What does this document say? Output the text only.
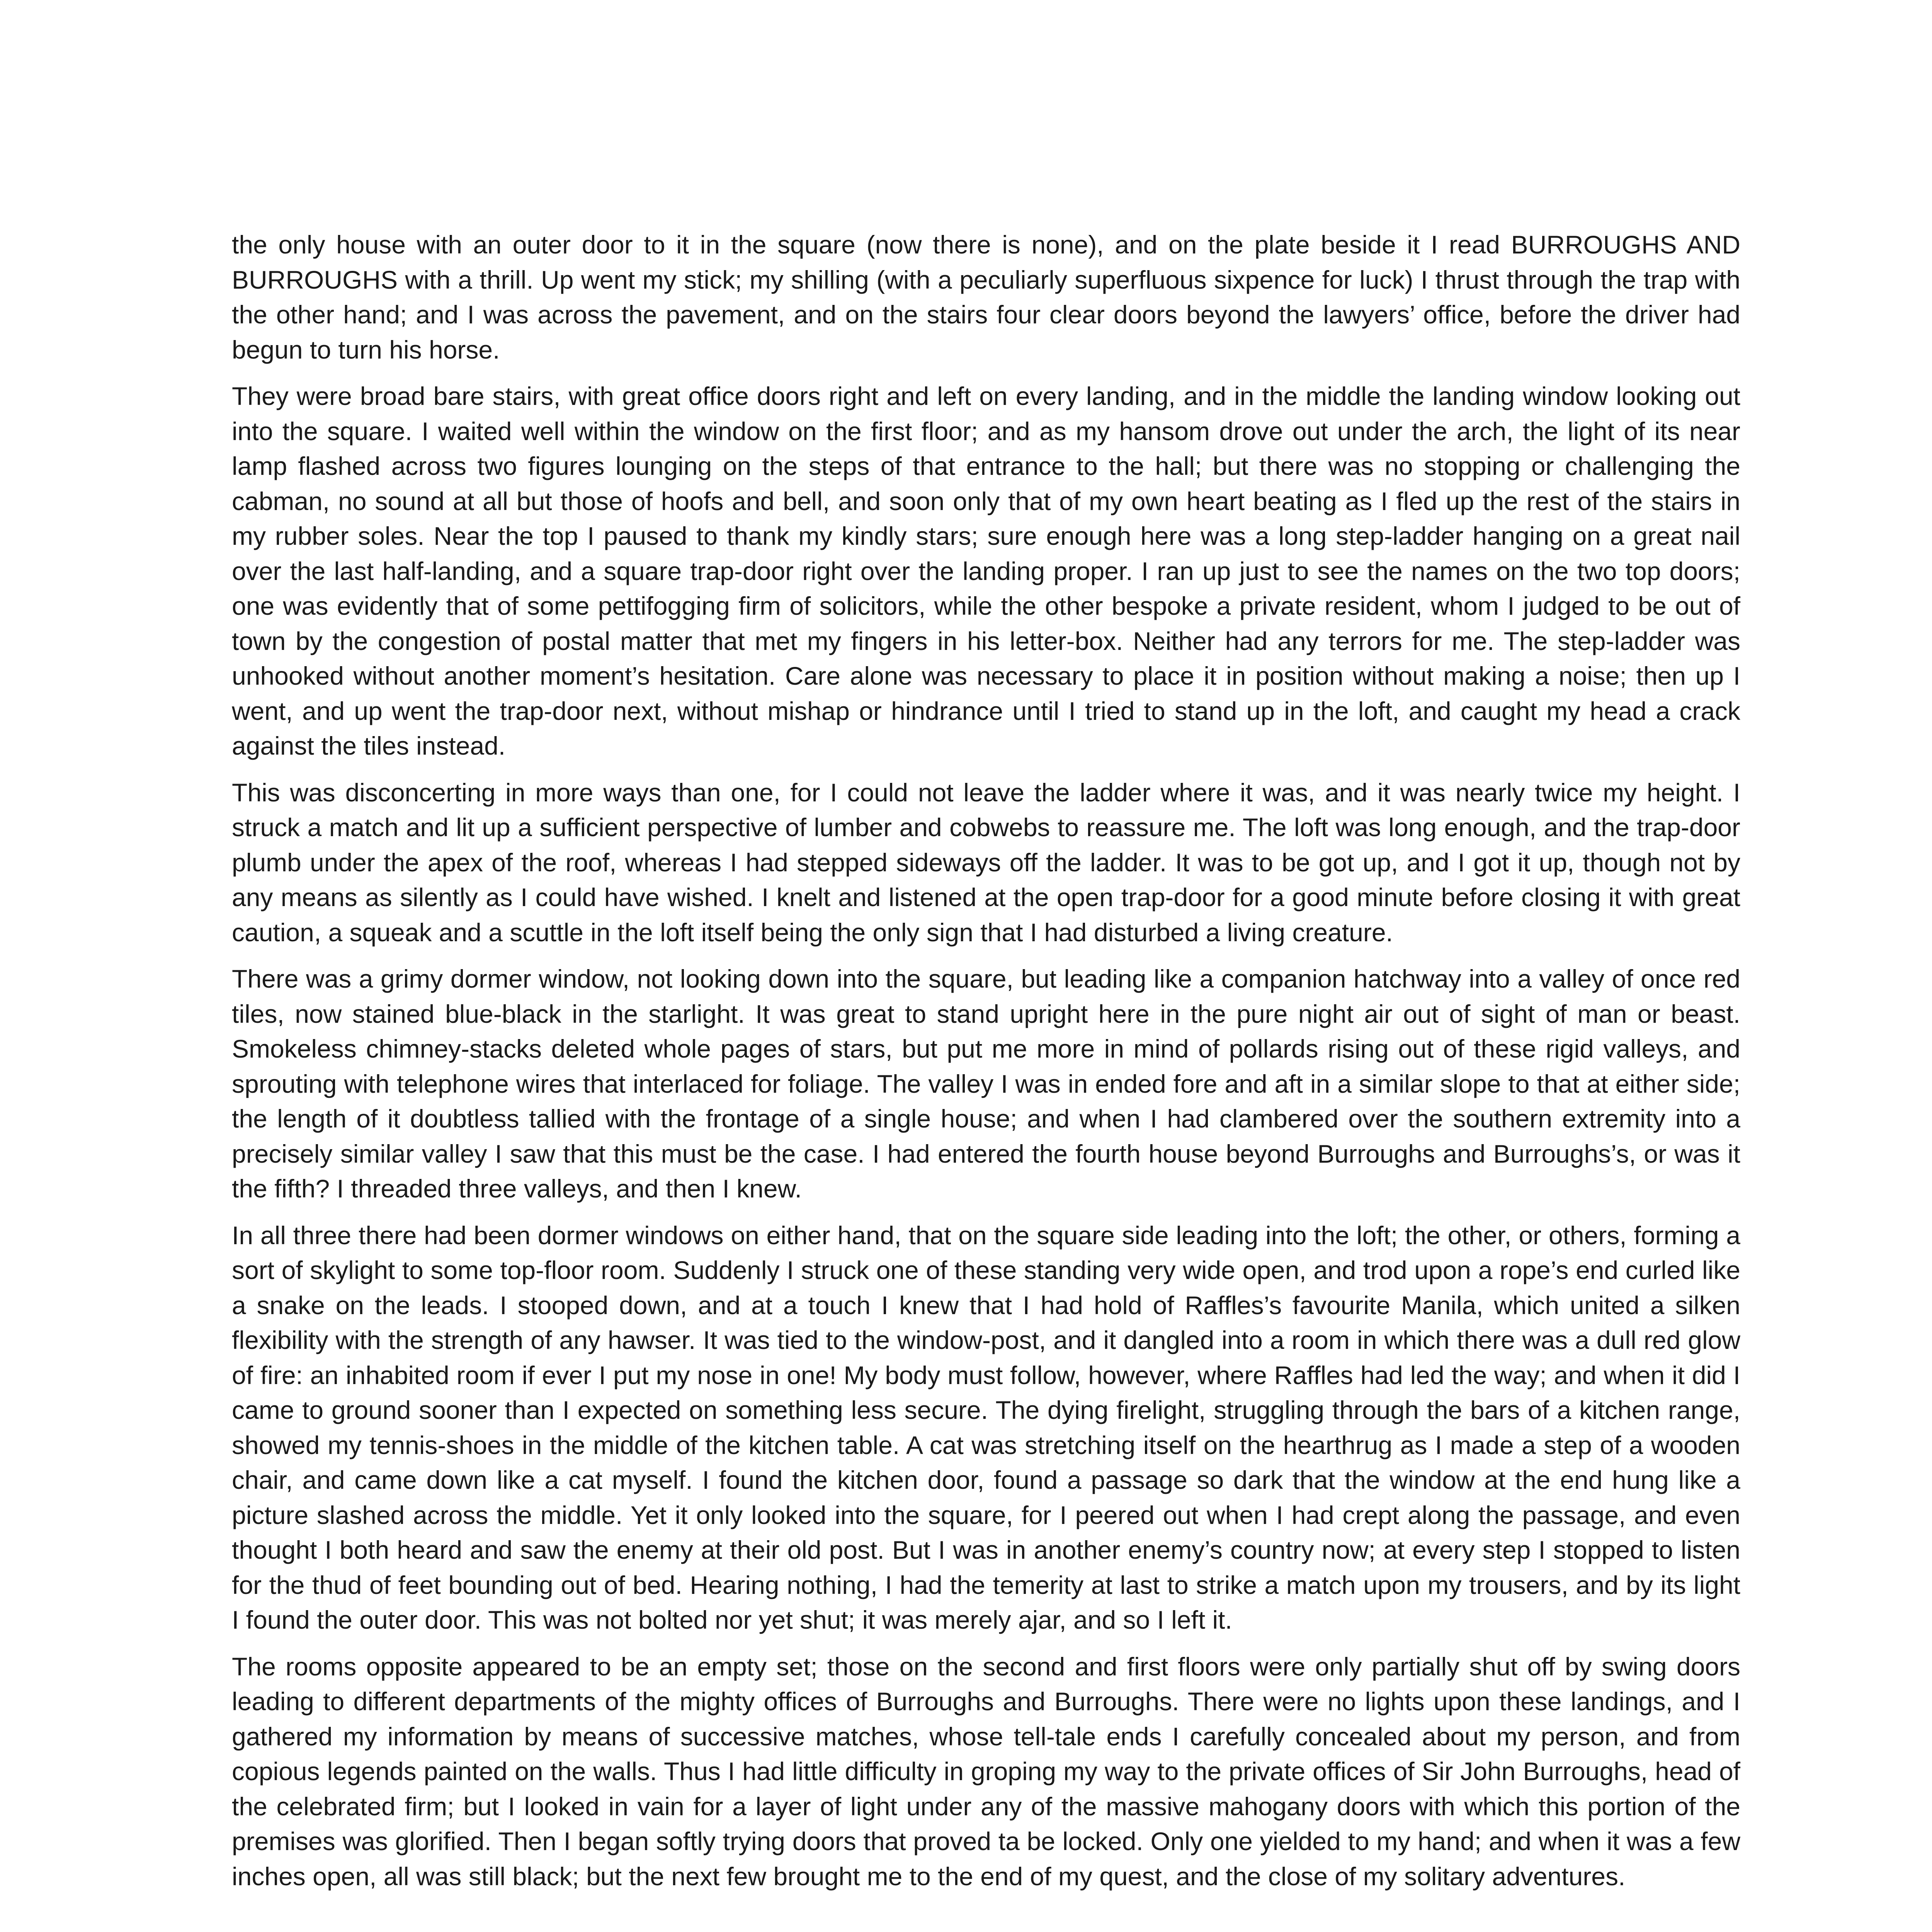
the only house with an outer door to it in the square (now there is none), and on the plate beside it I read BURROUGHS AND BURROUGHS with a thrill. Up went my stick; my shilling (with a peculiarly superfluous sixpence for luck) I thrust through the trap with the other hand; and I was across the pavement, and on the stairs four clear doors beyond the lawyers’ office, before the driver had begun to turn his horse.

They were broad bare stairs, with great office doors right and left on every landing, and in the middle the landing window looking out into the square. I waited well within the window on the first floor; and as my hansom drove out under the arch, the light of its near lamp flashed across two figures lounging on the steps of that entrance to the hall; but there was no stopping or challenging the cabman, no sound at all but those of hoofs and bell, and soon only that of my own heart beating as I fled up the rest of the stairs in my rubber soles. Near the top I paused to thank my kindly stars; sure enough here was a long step-ladder hanging on a great nail over the last half-landing, and a square trap-door right over the landing proper. I ran up just to see the names on the two top doors; one was evidently that of some pettifogging firm of solicitors, while the other bespoke a private resident, whom I judged to be out of town by the congestion of postal matter that met my fingers in his letter-box. Neither had any terrors for me. The step-ladder was unhooked without another moment’s hesitation. Care alone was necessary to place it in position without making a noise; then up I went, and up went the trap-door next, without mishap or hindrance until I tried to stand up in the loft, and caught my head a crack against the tiles instead.

This was disconcerting in more ways than one, for I could not leave the ladder where it was, and it was nearly twice my height. I struck a match and lit up a sufficient perspective of lumber and cobwebs to reassure me. The loft was long enough, and the trap-door plumb under the apex of the roof, whereas I had stepped sideways off the ladder. It was to be got up, and I got it up, though not by any means as silently as I could have wished. I knelt and listened at the open trap-door for a good minute before closing it with great caution, a squeak and a scuttle in the loft itself being the only sign that I had disturbed a living creature.

There was a grimy dormer window, not looking down into the square, but leading like a companion hatchway into a valley of once red tiles, now stained blue-black in the starlight. It was great to stand upright here in the pure night air out of sight of man or beast. Smokeless chimney-stacks deleted whole pages of stars, but put me more in mind of pollards rising out of these rigid valleys, and sprouting with telephone wires that interlaced for foliage. The valley I was in ended fore and aft in a similar slope to that at either side; the length of it doubtless tallied with the frontage of a single house; and when I had clambered over the southern extremity into a precisely similar valley I saw that this must be the case. I had entered the fourth house beyond Burroughs and Burroughs’s, or was it the fifth? I threaded three valleys, and then I knew.

In all three there had been dormer windows on either hand, that on the square side leading into the loft; the other, or others, forming a sort of skylight to some top-floor room. Suddenly I struck one of these standing very wide open, and trod upon a rope’s end curled like a snake on the leads. I stooped down, and at a touch I knew that I had hold of Raffles’s favourite Manila, which united a silken flexibility with the strength of any hawser. It was tied to the window-post, and it dangled into a room in which there was a dull red glow of fire: an inhabited room if ever I put my nose in one! My body must follow, however, where Raffles had led the way; and when it did I came to ground sooner than I expected on something less secure. The dying firelight, struggling through the bars of a kitchen range, showed my tennis-shoes in the middle of the kitchen table. A cat was stretching itself on the hearthrug as I made a step of a wooden chair, and came down like a cat myself. I found the kitchen door, found a passage so dark that the window at the end hung like a picture slashed across the middle. Yet it only looked into the square, for I peered out when I had crept along the passage, and even thought I both heard and saw the enemy at their old post. But I was in another enemy’s country now; at every step I stopped to listen for the thud of feet bounding out of bed. Hearing nothing, I had the temerity at last to strike a match upon my trousers, and by its light I found the outer door. This was not bolted nor yet shut; it was merely ajar, and so I left it.

The rooms opposite appeared to be an empty set; those on the second and first floors were only partially shut off by swing doors leading to different departments of the mighty offices of Burroughs and Burroughs. There were no lights upon these landings, and I gathered my information by means of successive matches, whose tell-tale ends I carefully concealed about my person, and from copious legends painted on the walls. Thus I had little difficulty in groping my way to the private offices of Sir John Burroughs, head of the celebrated firm; but I looked in vain for a layer of light under any of the massive mahogany doors with which this portion of the premises was glorified. Then I began softly trying doors that proved ta be locked. Only one yielded to my hand; and when it was a few inches open, all was still black; but the next few brought me to the end of my quest, and the close of my solitary adventures.
